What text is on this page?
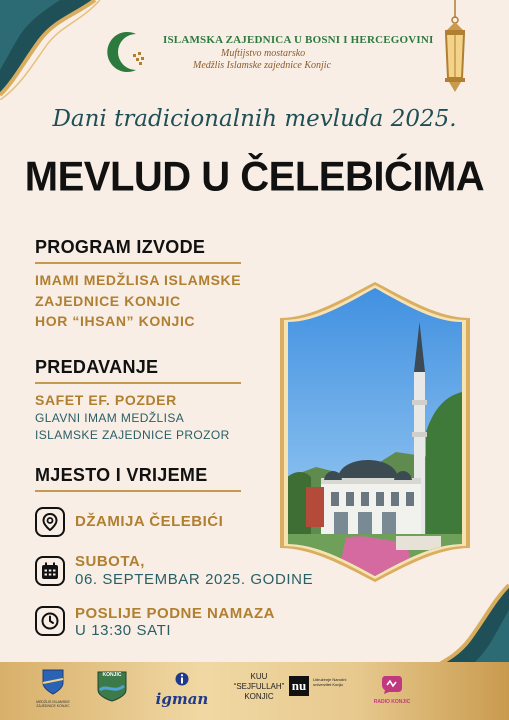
ISLAMSKA ZAJEDNICA U BOSNI I HERCEGOVINI
Muftijstvo mostarsko
Medžlis Islamske zajednice Konjic
Dani tradicionalnih mevluda 2025.
MEVLUD U ČELEBIĆIMA
PROGRAM IZVODE
IMAMI MEDŽLISA ISLAMSKE
ZAJEDNICE KONJIC
HOR “IHSAN” KONJIC
PREDAVANJE
SAFET EF. POZDER
GLAVNI IMAM MEDŽLISA
ISLAMSKE ZAJEDNICE PROZOR
MJESTO I VRIJEME
DŽAMIJA ČELEBIĆI
SUBOTA,
06. SEPTEMBAR 2025. GODINE
POSLIJE PODNE NAMAZA
U 13:30 SATI
MEDŽLIS ISLAMSKE ZAJEDNICE KONJIC
KONJIC
igman
KUU
“SEJFULLAH”
KONJIC
nu	Udruženje Narodni univerzitet Konjic
RADIO KONJIC
